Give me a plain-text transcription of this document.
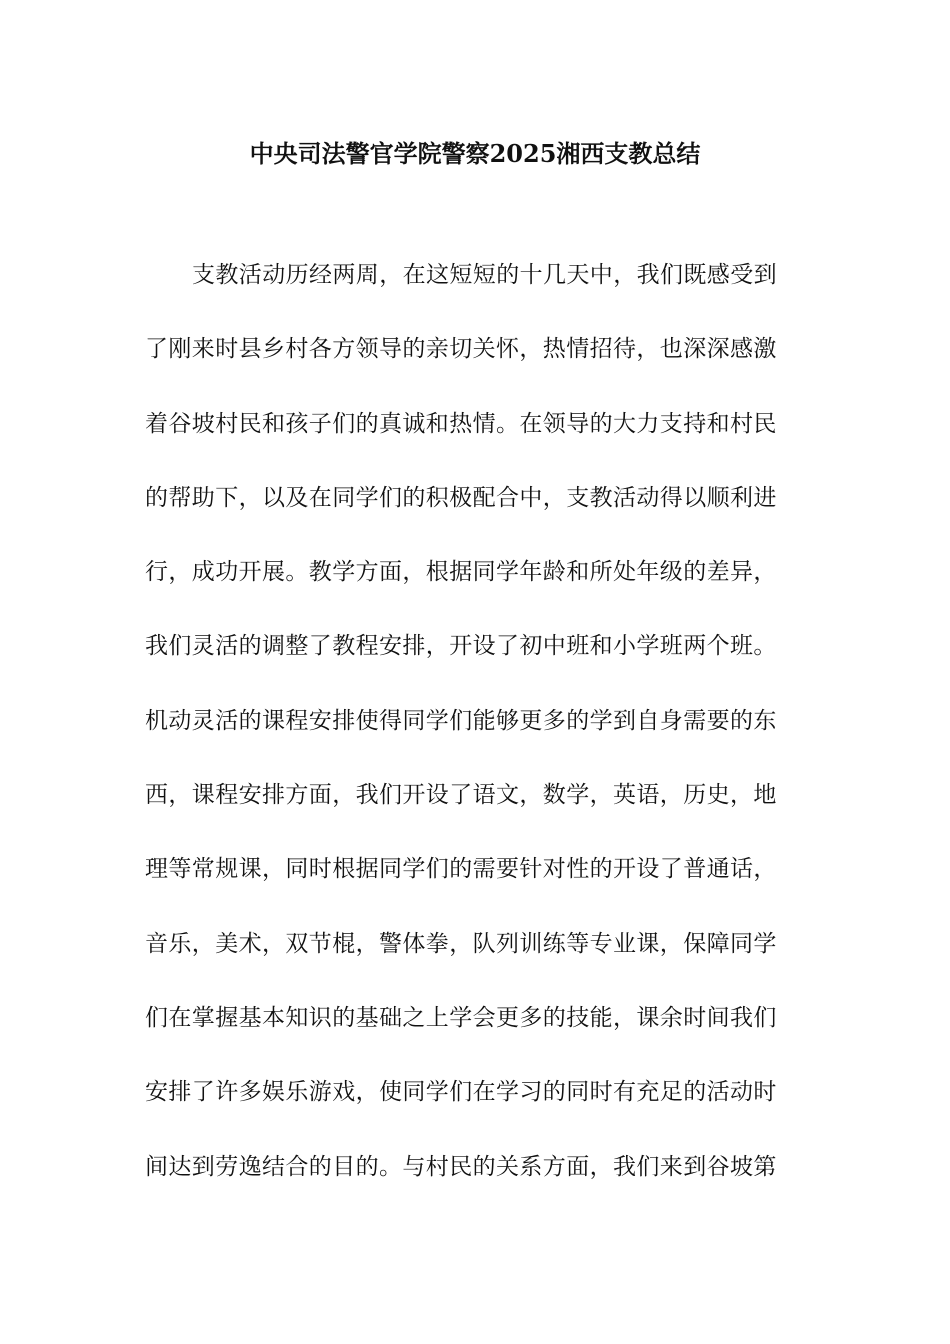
中央司法警官学院警察2025湘西支教总结
支教活动历经两周，在这短短的十几天中，我们既感受到
了刚来时县乡村各方领导的亲切关怀，热情招待，也深深感激
着谷坡村民和孩子们的真诚和热情。在领导的大力支持和村民
的帮助下，以及在同学们的积极配合中，支教活动得以顺利进
行，成功开展。教学方面，根据同学年龄和所处年级的差异，
我们灵活的调整了教程安排，开设了初中班和小学班两个班。
机动灵活的课程安排使得同学们能够更多的学到自身需要的东
西，课程安排方面，我们开设了语文，数学，英语，历史，地
理等常规课，同时根据同学们的需要针对性的开设了普通话，
音乐，美术，双节棍，警体拳，队列训练等专业课，保障同学
们在掌握基本知识的基础之上学会更多的技能，课余时间我们
安排了许多娱乐游戏，使同学们在学习的同时有充足的活动时
间达到劳逸结合的目的。与村民的关系方面，我们来到谷坡第
